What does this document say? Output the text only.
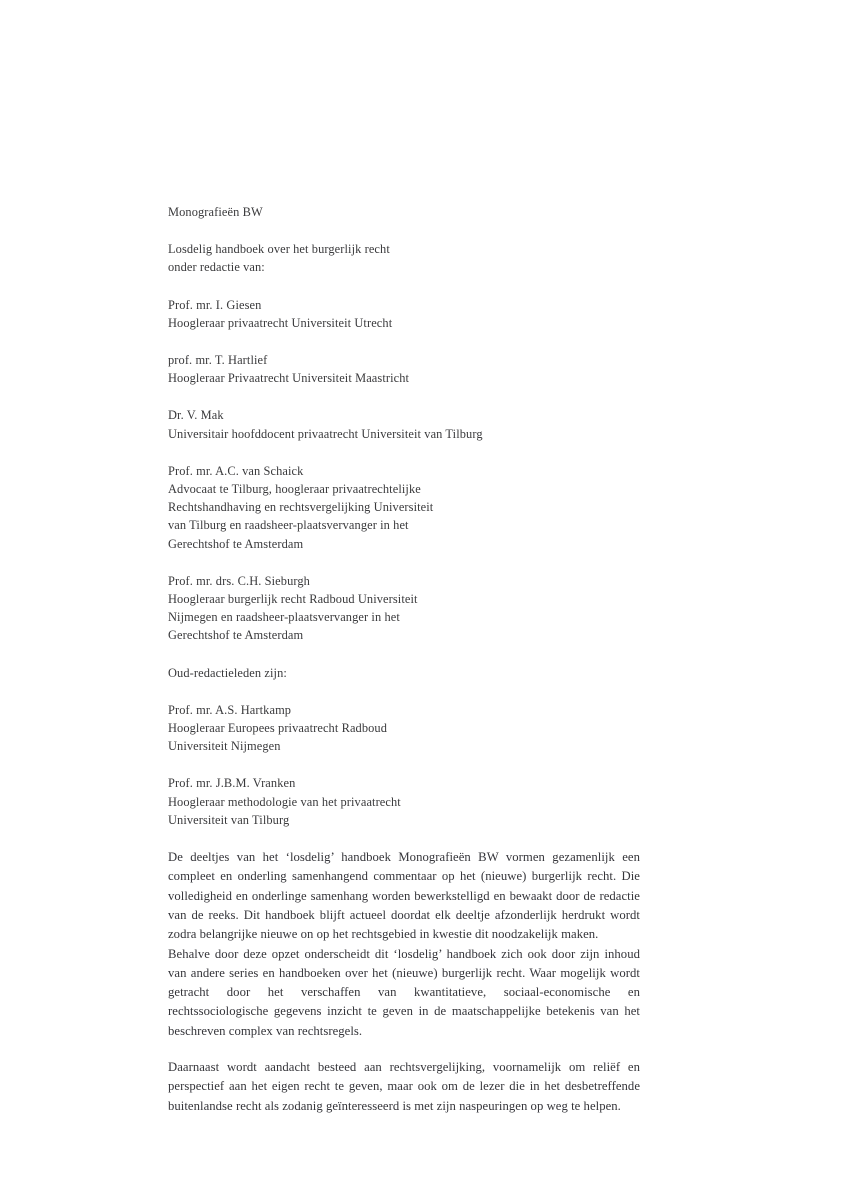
Monografieën BW
Losdelig handboek over het burgerlijk recht
onder redactie van:
Prof. mr. I. Giesen
Hoogleraar privaatrecht Universiteit Utrecht
prof. mr. T. Hartlief
Hoogleraar Privaatrecht Universiteit Maastricht
Dr. V. Mak
Universitair hoofddocent privaatrecht Universiteit van Tilburg
Prof. mr. A.C. van Schaick
Advocaat te Tilburg, hoogleraar privaatrechtelijke
Rechtshandhaving en rechtsvergelijking Universiteit
van Tilburg en raadsheer-plaatsvervanger in het
Gerechtshof te Amsterdam
Prof. mr. drs. C.H. Sieburgh
Hoogleraar burgerlijk recht Radboud Universiteit
Nijmegen en raadsheer-plaatsvervanger in het
Gerechtshof te Amsterdam
Oud-redactieleden zijn:
Prof. mr. A.S. Hartkamp
Hoogleraar Europees privaatrecht Radboud
Universiteit Nijmegen
Prof. mr. J.B.M. Vranken
Hoogleraar methodologie van het privaatrecht
Universiteit van Tilburg

De deeltjes van het ‘losdelig’ handboek Monografieën BW vormen gezamenlijk een compleet en onderling samenhangend commentaar op het (nieuwe) burgerlijk recht. Die volledigheid en onderlinge samenhang worden bewerkstelligd en bewaakt door de redactie van de reeks. Dit handboek blijft actueel doordat elk deeltje afzonderlijk herdrukt wordt zodra belangrijke nieuwe on op het rechtsgebied in kwestie dit noodzakelijk maken.

Behalve door deze opzet onderscheidt dit ‘losdelig’ handboek zich ook door zijn inhoud van andere series en handboeken over het (nieuwe) burgerlijk recht. Waar mogelijk wordt getracht door het verschaffen van kwantitatieve, sociaal-economische en rechtssociologische gegevens inzicht te geven in de maatschappelijke betekenis van het beschreven complex van rechtsregels.

Daarnaast wordt aandacht besteed aan rechtsvergelijking, voornamelijk om reliëf en perspectief aan het eigen recht te geven, maar ook om de lezer die in het desbetreffende buitenlandse recht als zodanig geïnteresseerd is met zijn naspeuringen op weg te helpen.
